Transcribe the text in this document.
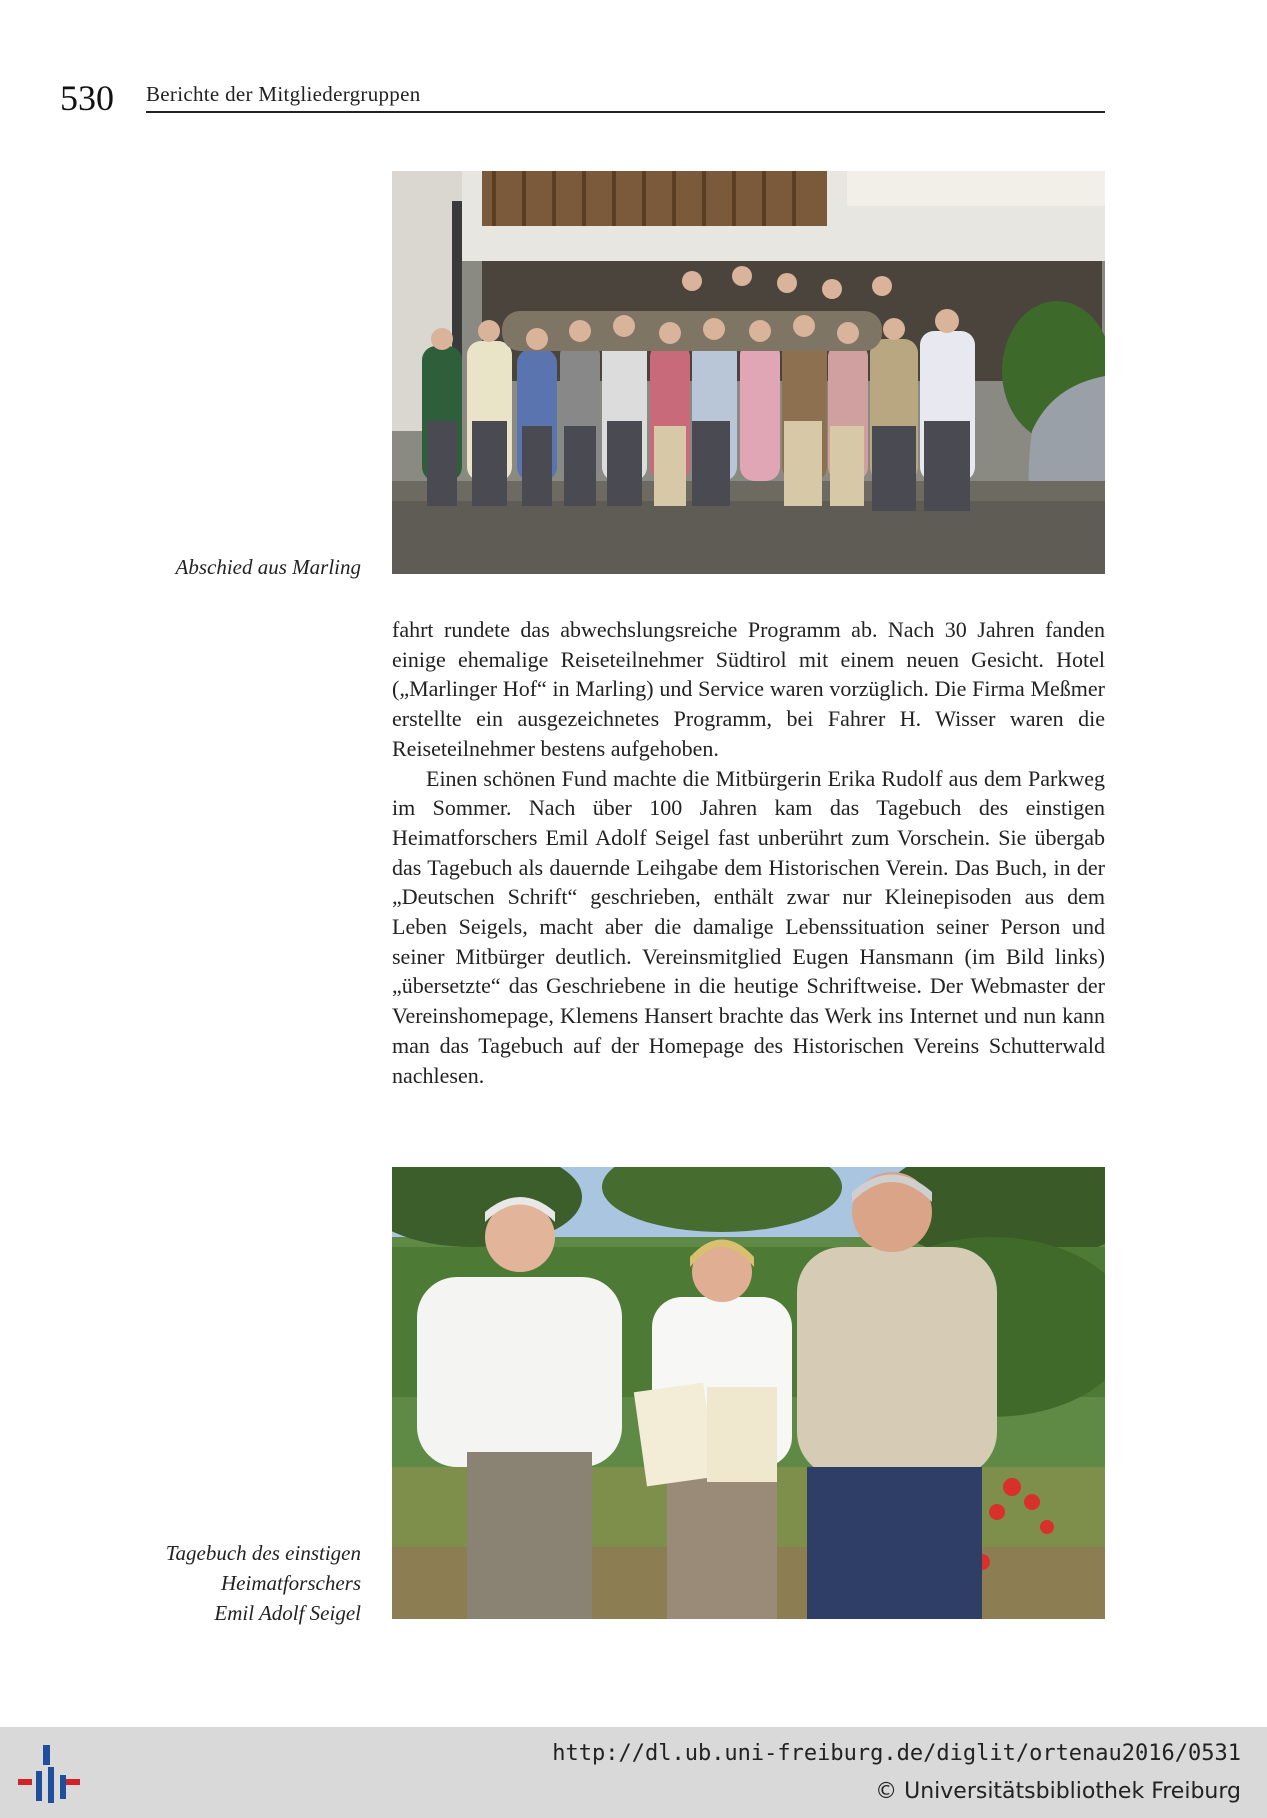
530 Berichte der Mitgliedergruppen
Abschied aus Marling

fahrt rundete das abwechslungsreiche Programm ab. Nach 30 Jahren fanden einige ehemalige Reiseteilnehmer Südtirol mit einem neuen Gesicht. Hotel („Marlinger Hof“ in Marling) und Service waren vorzüglich. Die Firma Meßmer erstellte ein ausgezeichnetes Programm, bei Fahrer H. Wisser waren die Reiseteilnehmer bestens aufgehoben.

Einen schönen Fund machte die Mitbürgerin Erika Rudolf aus dem Parkweg im Sommer. Nach über 100 Jahren kam das Tagebuch des einstigen Heimatforschers Emil Adolf Seigel fast unberührt zum Vorschein. Sie übergab das Tagebuch als dauernde Leihgabe dem Historischen Verein. Das Buch, in der „Deutschen Schrift“ geschrieben, enthält zwar nur Kleinepisoden aus dem Leben Seigels, macht aber die damalige Lebenssituation seiner Person und seiner Mitbürger deutlich. Vereinsmitglied Eugen Hansmann (im Bild links) „übersetzte“ das Geschriebene in die heutige Schriftweise. Der Webmaster der Vereinshomepage, Klemens Hansert brachte das Werk ins Internet und nun kann man das Tagebuch auf der Homepage des Historischen Vereins Schutterwald nachlesen.

Tagebuch des einstigen
Heimatforschers
Emil Adolf Seigel
http://dl.ub.uni-freiburg.de/diglit/ortenau2016/0531
© Universitätsbibliothek Freiburg
